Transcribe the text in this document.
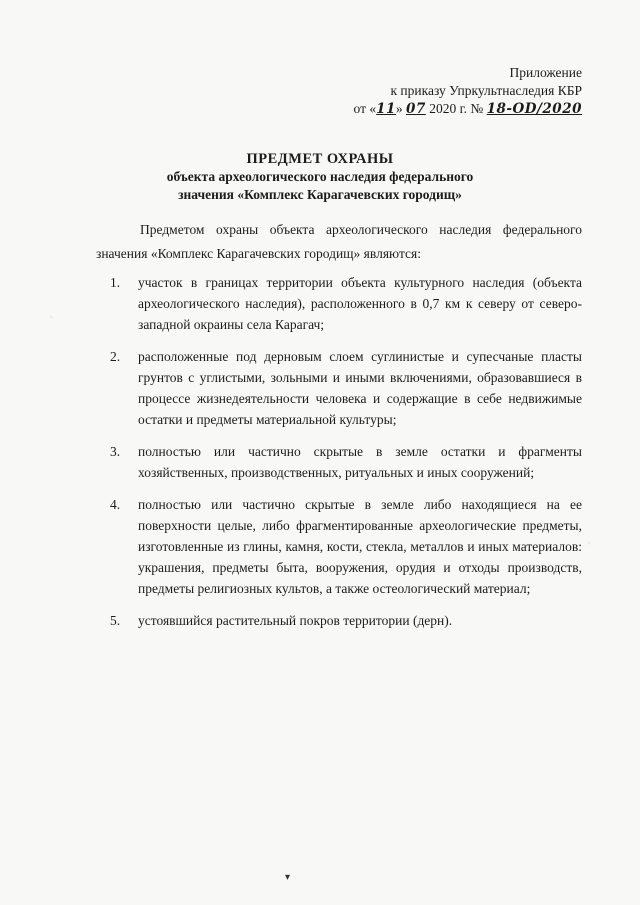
Приложение
к приказу Упркультнаследия КБР
от «11» 07 2020 г. № 18-OD/2020
ПРЕДМЕТ ОХРАНЫ
объекта археологического наследия федерального
значения «Комплекс Карагачевских городищ»
Предметом охраны объекта археологического наследия федерального значения «Комплекс Карагачевских городищ» являются:
1.	участок в границах территории объекта культурного наследия (объекта археологического наследия), расположенного в 0,7 км к северу от северо-западной окраины села Карагач;
2.	расположенные под дерновым слоем суглинистые и супесчаные пласты грунтов с углистыми, зольными и иными включениями, образовавшиеся в процессе жизнедеятельности человека и содержащие в себе недвижимые остатки и предметы материальной культуры;
3.	полностью или частично скрытые в земле остатки и фрагменты хозяйственных, производственных, ритуальных и иных сооружений;
4.	полностью или частично скрытые в земле либо находящиеся на ее поверхности целые, либо фрагментированные археологические предметы, изготовленные из глины, камня, кости, стекла, металлов и иных материалов: украшения, предметы быта, вооружения, орудия и отходы производств, предметы религиозных культов, а также остеологический материал;
5.	устоявшийся растительный покров территории (дерн).
▾
